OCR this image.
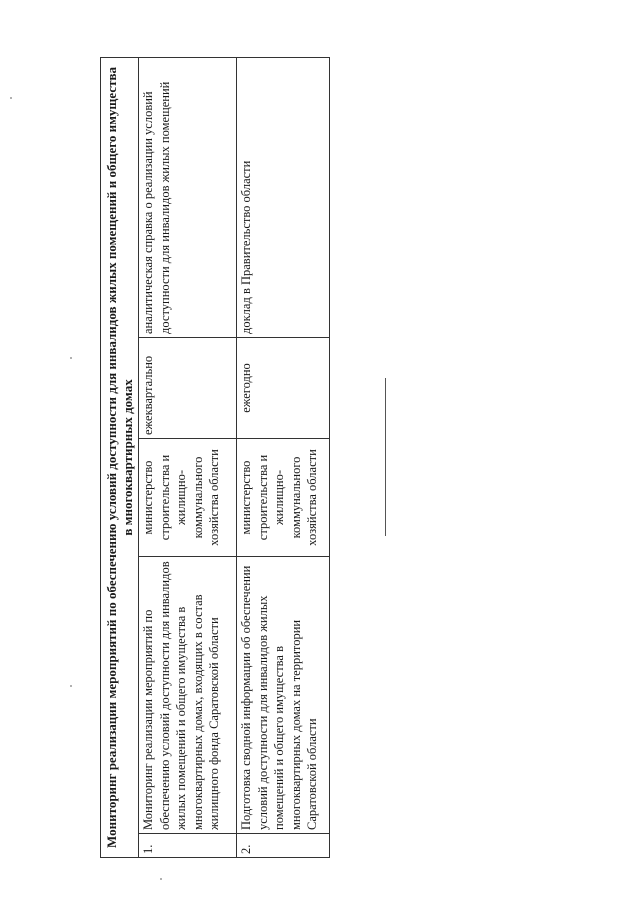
Мониторинг реализации мероприятий по обеспечению условий доступности для инвалидов жилых помещений и общего имущества в многоквартирных домах				
1.	Мониторинг реализации мероприятий по обеспечению условий доступности для инвалидов жилых помещений и общего имущества в многоквартирных домах, входящих в состав жилищного фонда Саратовской области	министерство строительства и жилищно-коммунального хозяйства области	ежеквартально	аналитическая справка о реализации условий доступности для инвалидов жилых помещений
2.	Подготовка сводной информации об обеспечении условий доступности для инвалидов жилых помещений и общего имущества в многоквартирных домах на территории Саратовской области	министерство строительства и жилищно-коммунального хозяйства области	ежегодно	доклад в Правительство области
